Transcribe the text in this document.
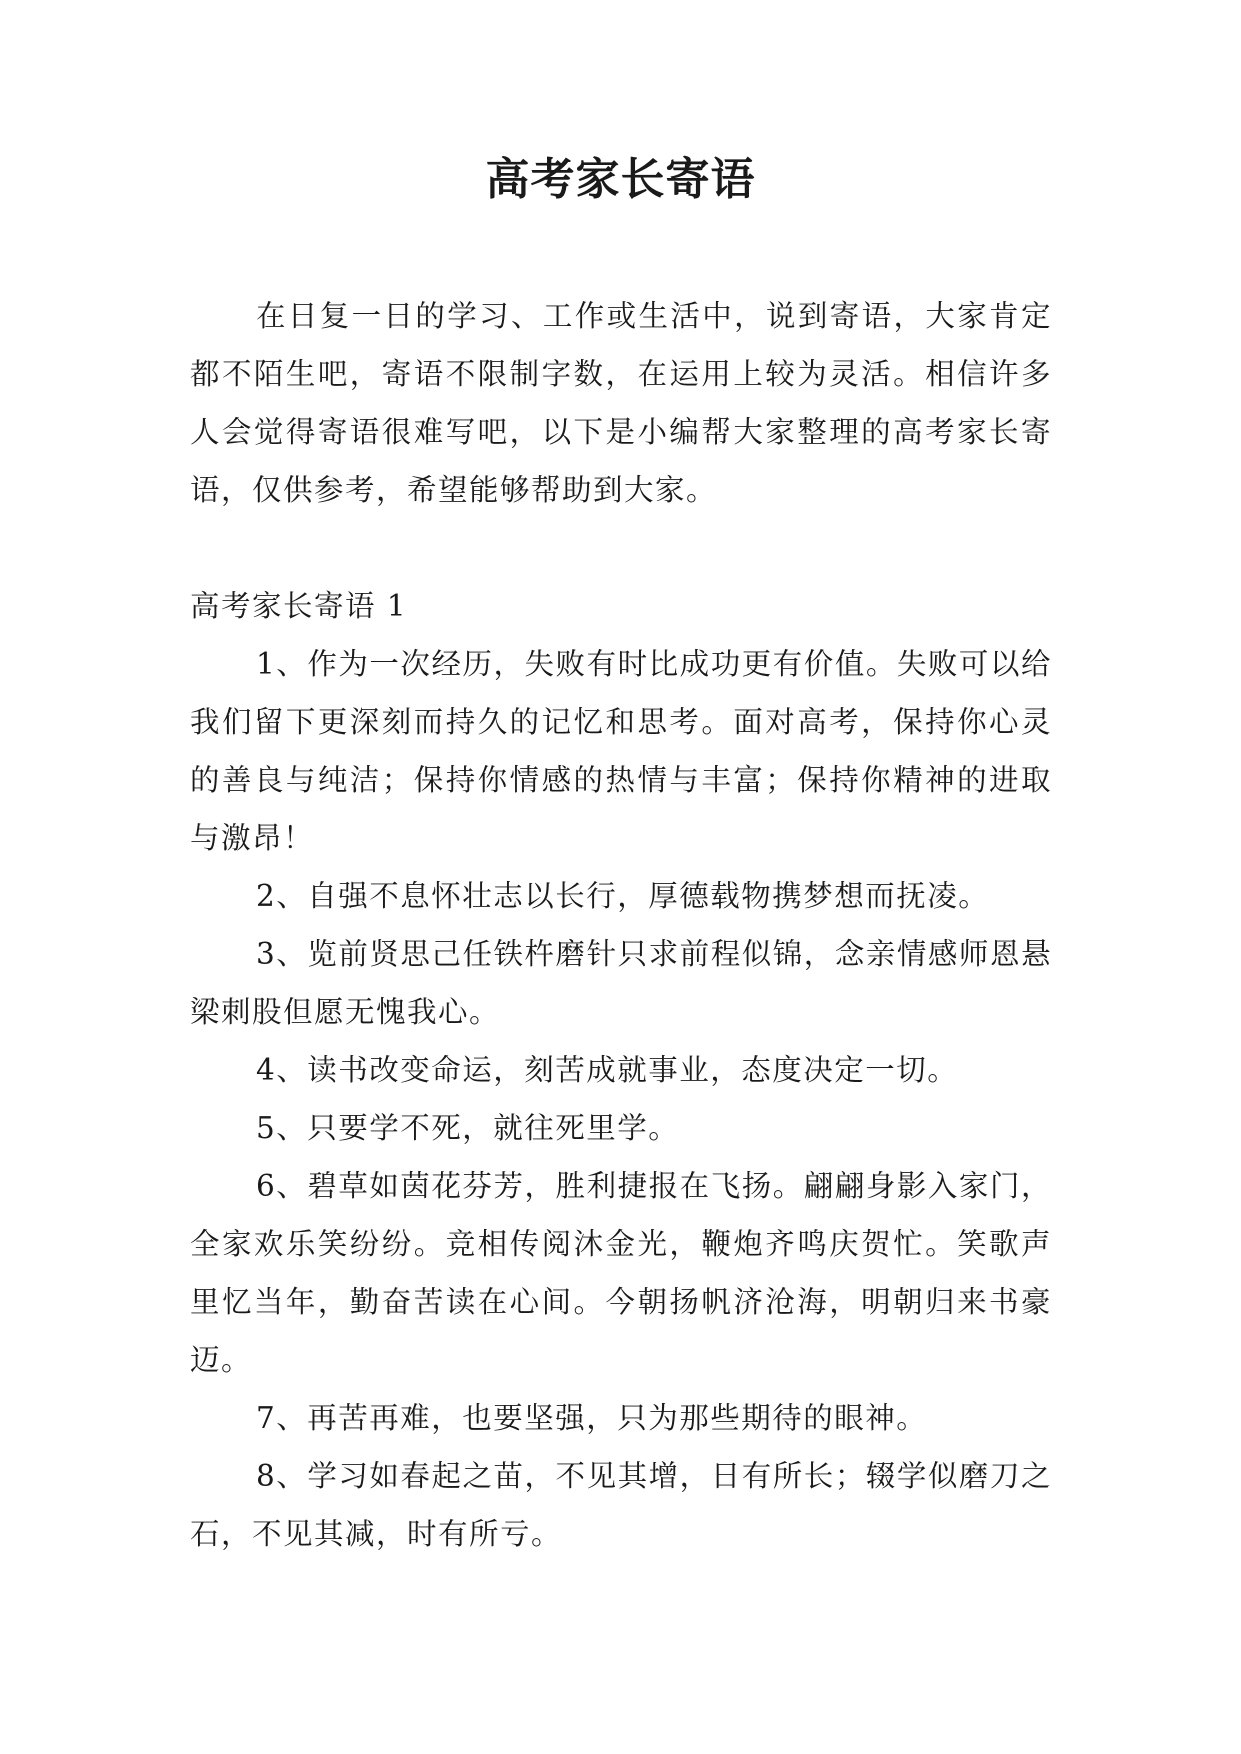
高考家长寄语

在日复一日的学习、工作或生活中，说到寄语，大家肯定都不陌生吧，寄语不限制字数，在运用上较为灵活。相信许多人会觉得寄语很难写吧，以下是小编帮大家整理的高考家长寄语，仅供参考，希望能够帮助到大家。

高考家长寄语 1

1、作为一次经历，失败有时比成功更有价值。失败可以给我们留下更深刻而持久的记忆和思考。面对高考，保持你心灵的善良与纯洁；保持你情感的热情与丰富；保持你精神的进取与激昂！

2、自强不息怀壮志以长行，厚德载物携梦想而抚凌。

3、览前贤思己任铁杵磨针只求前程似锦，念亲情感师恩悬梁刺股但愿无愧我心。

4、读书改变命运，刻苦成就事业，态度决定一切。

5、只要学不死，就往死里学。

6、碧草如茵花芬芳，胜利捷报在飞扬。翩翩身影入家门，全家欢乐笑纷纷。竞相传阅沐金光，鞭炮齐鸣庆贺忙。笑歌声里忆当年，勤奋苦读在心间。今朝扬帆济沧海，明朝归来书豪迈。

7、再苦再难，也要坚强，只为那些期待的眼神。

8、学习如春起之苗，不见其增，日有所长；辍学似磨刀之石，不见其减，时有所亏。
